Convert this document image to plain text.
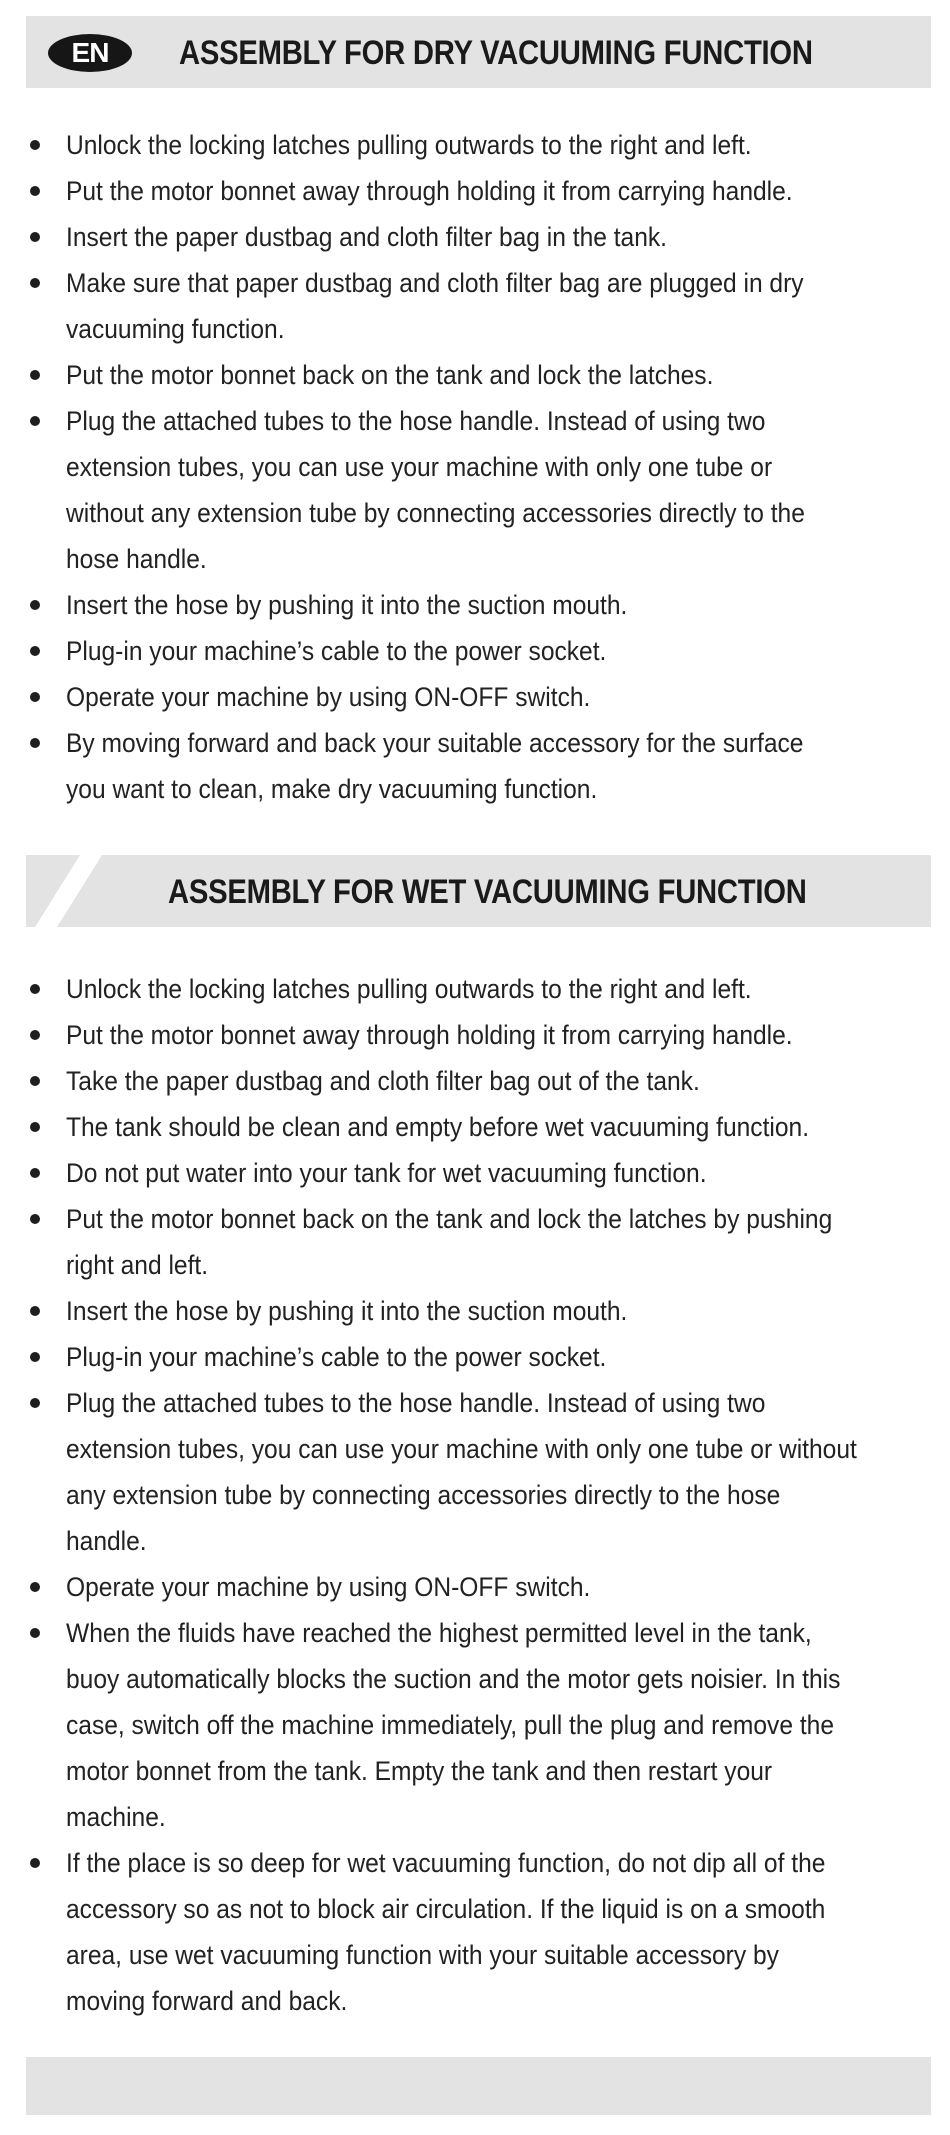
EN	ASSEMBLY FOR DRY VACUUMING FUNCTION
Unlock the locking latches pulling outwards to the right and left.
Put the motor bonnet away through holding it from carrying handle.
Insert the paper dustbag and cloth filter bag in the tank.
Make sure that paper dustbag and cloth filter bag are plugged in dry
vacuuming function.
Put the motor bonnet back on the tank and lock the latches.
Plug the attached tubes to the hose handle. Instead of using two
extension tubes, you can use your machine with only one tube or
without any extension tube by connecting accessories directly to the
hose handle.
Insert the hose by pushing it into the suction mouth.
Plug-in your machine’s cable to the power socket.
Operate your machine by using ON-OFF switch.
By moving forward and back your suitable accessory for the surface
you want to clean, make dry vacuuming function.
ASSEMBLY FOR WET VACUUMING FUNCTION
Unlock the locking latches pulling outwards to the right and left.
Put the motor bonnet away through holding it from carrying handle.
Take the paper dustbag and cloth filter bag out of the tank.
The tank should be clean and empty before wet vacuuming function.
Do not put water into your tank for wet vacuuming function.
Put the motor bonnet back on the tank and lock the latches by pushing
right and left.
Insert the hose by pushing it into the suction mouth.
Plug-in your machine’s cable to the power socket.
Plug the attached tubes to the hose handle. Instead of using two
extension tubes, you can use your machine with only one tube or without
any extension tube by connecting accessories directly to the hose
handle.
Operate your machine by using ON-OFF switch.
When the fluids have reached the highest permitted level in the tank,
buoy automatically blocks the suction and the motor gets noisier. In this
case, switch off the machine immediately, pull the plug and remove the
motor bonnet from the tank. Empty the tank and then restart your
machine.
If the place is so deep for wet vacuuming function, do not dip all of the
accessory so as not to block air circulation. If the liquid is on a smooth
area, use wet vacuuming function with your suitable accessory by
moving forward and back.
